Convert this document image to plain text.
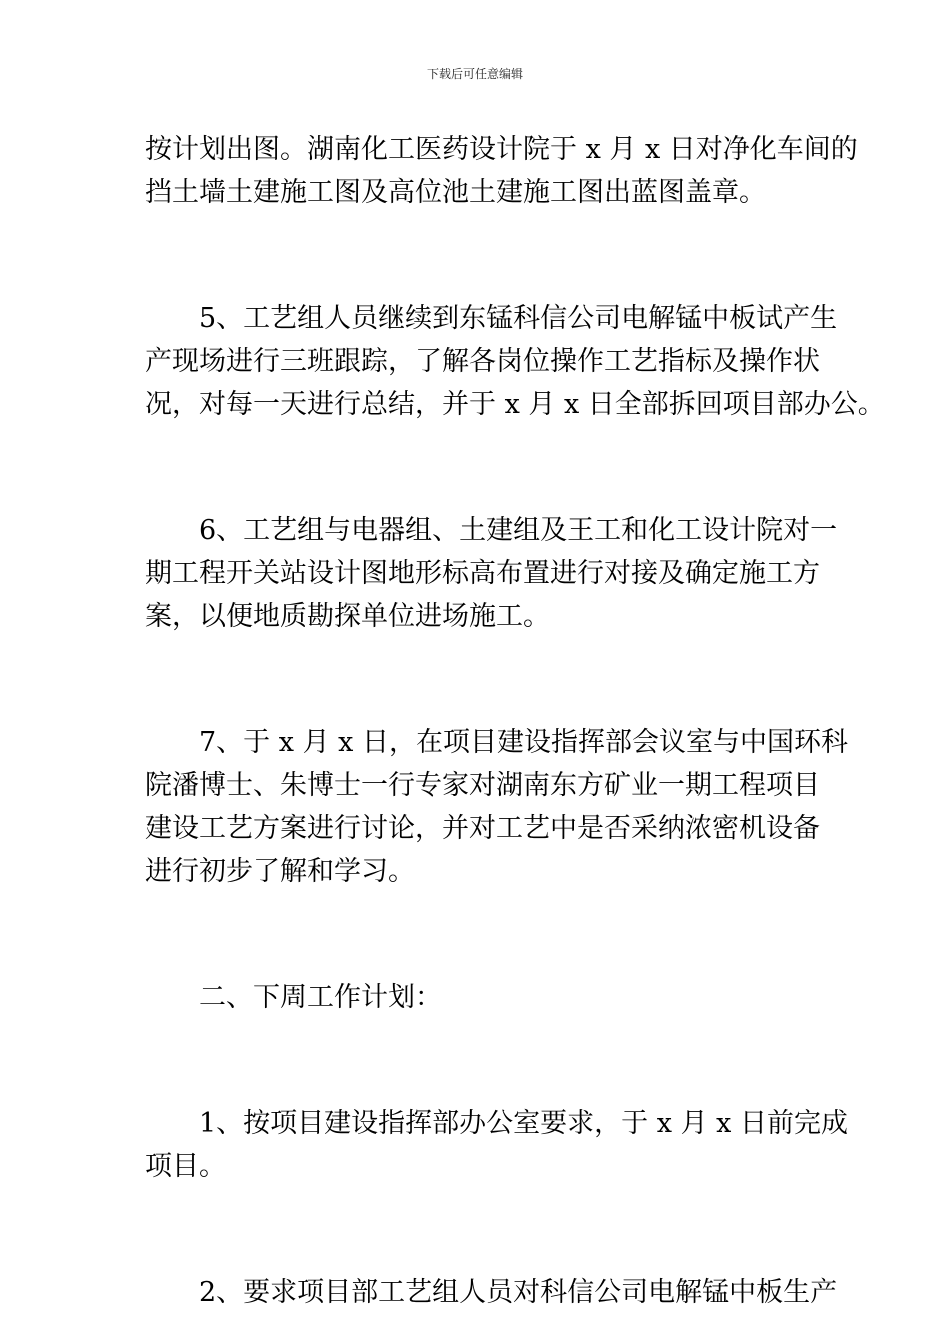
下载后可任意编辑
按计划出图。湖南化工医药设计院于 x 月 x 日对净化车间的
挡土墙土建施工图及高位池土建施工图出蓝图盖章。
5、工艺组人员继续到东锰科信公司电解锰中板试产生
产现场进行三班跟踪，了解各岗位操作工艺指标及操作状
况，对每一天进行总结，并于 x 月 x 日全部拆回项目部办公。
6、工艺组与电器组、土建组及王工和化工设计院对一
期工程开关站设计图地形标高布置进行对接及确定施工方
案，以便地质勘探单位进场施工。
7、于 x 月 x 日，在项目建设指挥部会议室与中国环科
院潘博士、朱博士一行专家对湖南东方矿业一期工程项目
建设工艺方案进行讨论，并对工艺中是否采纳浓密机设备
进行初步了解和学习。
二、下周工作计划：
1、按项目建设指挥部办公室要求，于 x 月 x 日前完成
项目。
2、要求项目部工艺组人员对科信公司电解锰中板生产
